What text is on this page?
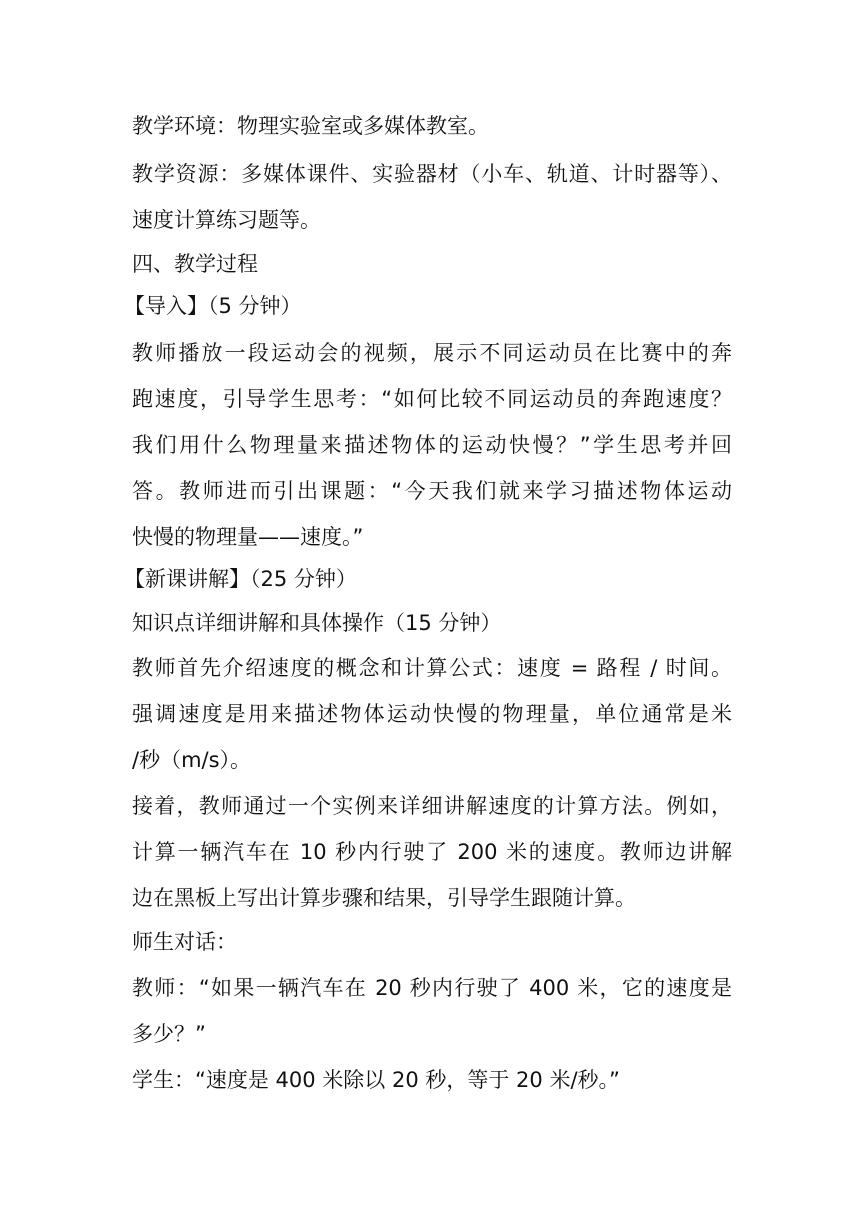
教学环境：物理实验室或多媒体教室。
教学资源：多媒体课件、实验器材（小车、轨道、计时器等）、
速度计算练习题等。
四、教学过程
【导入】（5 分钟）
教师播放一段运动会的视频，展示不同运动员在比赛中的奔
跑速度，引导学生思考：“如何比较不同运动员的奔跑速度？
我们用什么物理量来描述物体的运动快慢？”学生思考并回
答。教师进而引出课题：“今天我们就来学习描述物体运动
快慢的物理量——速度。”
【新课讲解】（25 分钟）
知识点详细讲解和具体操作（15 分钟）
教师首先介绍速度的概念和计算公式：速度 = 路程 / 时间。
强调速度是用来描述物体运动快慢的物理量，单位通常是米
/秒（m/s）。
接着，教师通过一个实例来详细讲解速度的计算方法。例如，
计算一辆汽车在 10 秒内行驶了 200 米的速度。教师边讲解
边在黑板上写出计算步骤和结果，引导学生跟随计算。
师生对话：
教师：“如果一辆汽车在 20 秒内行驶了 400 米，它的速度是
多少？”
学生：“速度是 400 米除以 20 秒，等于 20 米/秒。”
